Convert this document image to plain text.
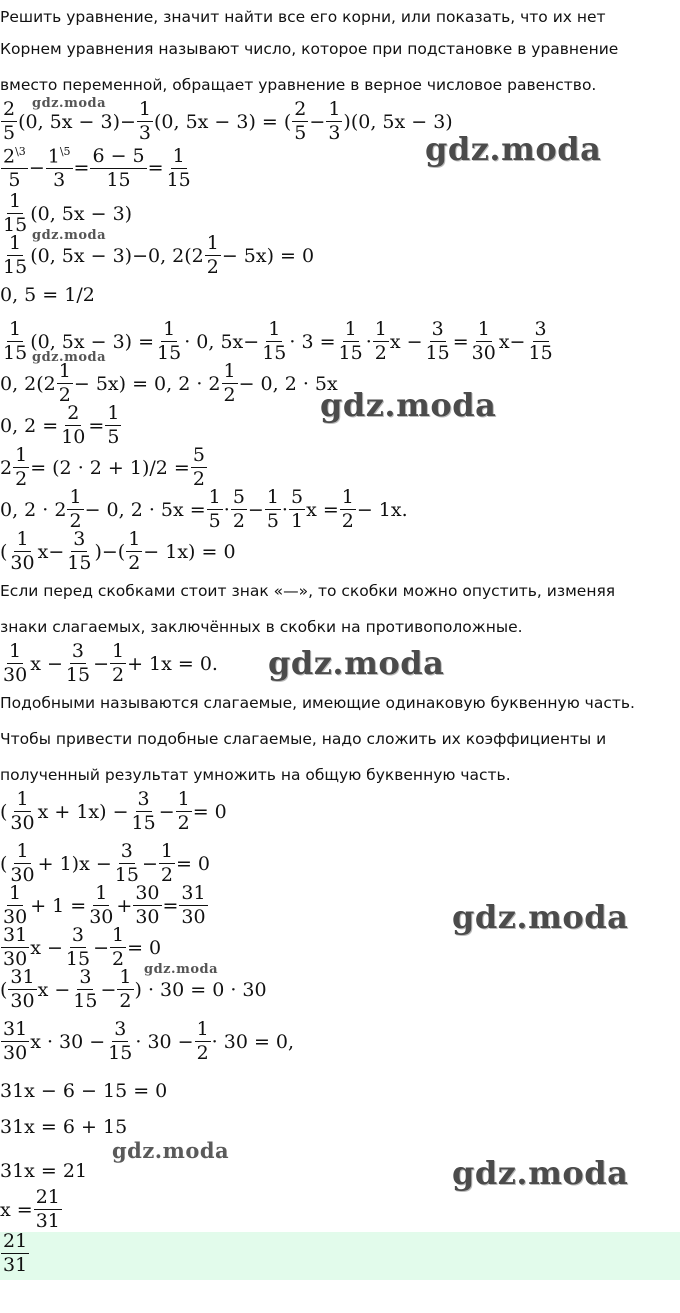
Решить уравнение, значит найти все его корни, или показать, что их нет
Корнем уравнения называют число, которое при подстановке в уравнение
вместо переменной, обращает уравнение в верное числовое равенство.
2
5
(0, $5x - 3)- \frac{1}{3} (0$, 5x − 3) = (
2
5
− $\frac{1}{3} )(0$, 5x − 3)
$2^{\backslash 3}$
5
− $\frac{1^{\backslash 5}}{3} = \frac{6 - 5}{15} = \frac{1}{15}$
1
15
(0, 5x − 3)
1
15
(0, 5x − 3)−0, 2(2
1
2
− 5x) = 0
0, 5 = 1/2
1
15
(0, $5x - 3) = \frac{1}{15} \cdot 0$, $5x- \frac{1}{15} \cdot 3 = \frac{1}{15}$ ·
1
2
$x - \frac{3}{15} = \frac{1}{30} x- \frac{3}{15}$
0, 2(2
1
2
− 5x) = 0, 2 · 2
1
2
− 0, 2 · 5x
0, $2 = \frac{2}{10} = \frac{1}{5}$
$2 \frac{1}{2} = (2 \cdot 2 + 1)/2 = \frac{5}{2}$
0, 2 · 2
1
2
− 0, $2 \cdot 5x = \frac{1}{5}$ ·
5
2
− $\frac{1}{5}$ ·
5
1
$x = \frac{1}{2} - 1x$.
(
1
30
$x- \frac{3}{15}$ )−(
1
2
− 1x) = 0
Если перед скобками стоит знак «—», то скобки можно опустить, изменяя
знаки слагаемых, заключённых в скобки на противоположные.
1
30
$x - \frac{3}{15} - \frac{1}{2} + 1x = 0$.
Подобными называются слагаемые, имеющие одинаковую буквенную часть.
Чтобы привести подобные слагаемые, надо сложить их коэффициенты и
полученный результат умножить на общую буквенную часть.
(
1
30
$x + 1x) - \frac{3}{15} - \frac{1}{2} = 0$
(
1
30
+ $1)x - \frac{3}{15} - \frac{1}{2} = 0$
1
30
+ $1 = \frac{1}{30} + \frac{30}{30} = \frac{31}{30}$
31
30
$x - \frac{3}{15} - \frac{1}{2} = 0$
(
31
30
$x - \frac{3}{15} - \frac{1}{2}$ ) · 30 = 0 · 30
31
30
$x \cdot 30 - \frac{3}{15} \cdot 30 - \frac{1}{2} \cdot 30 = 0$,
31x − 6 − 15 = 0
31x = 6 + 15
31x = 21
$x = \frac{21}{31}$
21
31
gdz.moda
gdz.moda
gdz.moda
gdz.moda
gdz.moda
gdz.moda
gdz.moda
gdz.moda
gdz.moda
gdz.moda
